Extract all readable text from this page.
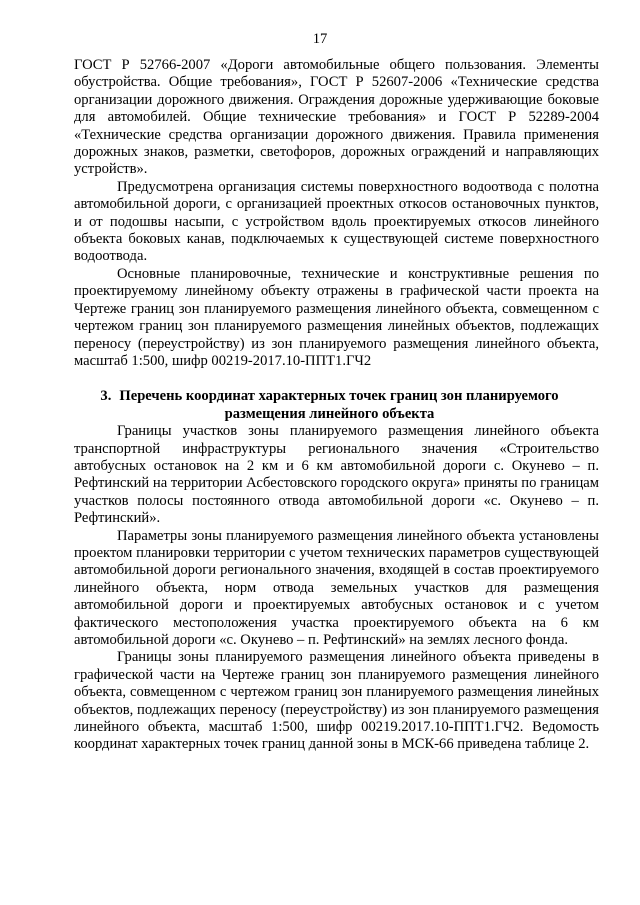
17

ГОСТ Р 52766-2007 «Дороги автомобильные общего пользования. Элементы обустройства. Общие требования», ГОСТ Р 52607-2006 «Технические средства организации дорожного движения. Ограждения дорожные удерживающие боковые для автомобилей. Общие технические требования» и ГОСТ Р 52289-2004 «Технические средства организации дорожного движения. Правила применения дорожных знаков, разметки, светофоров, дорожных ограждений и направляющих устройств».

Предусмотрена организация системы поверхностного водоотвода с полотна автомобильной дороги, с организацией проектных откосов остановочных пунктов, и от подошвы насыпи, с устройством вдоль проектируемых откосов линейного объекта боковых канав, подключаемых к существующей системе поверхностного водоотвода.

Основные планировочные, технические и конструктивные решения по проектируемому линейному объекту отражены в графической части проекта на Чертеже границ зон планируемого размещения линейного объекта, совмещенном с чертежом границ зон планируемого размещения линейных объектов, подлежащих переносу (переустройству) из зон планируемого размещения линейного объекта, масштаб 1:500, шифр 00219-2017.10-ППТ1.ГЧ2

3. Перечень координат характерных точек границ зон планируемого размещения линейного объекта

Границы участков зоны планируемого размещения линейного объекта транспортной инфраструктуры регионального значения «Строительство автобусных остановок на 2 км и 6 км автомобильной дороги с. Окунево – п. Рефтинский на территории Асбестовского городского округа» приняты по границам участков полосы постоянного отвода автомобильной дороги «с. Окунево – п. Рефтинский».

Параметры зоны планируемого размещения линейного объекта установлены проектом планировки территории с учетом технических параметров существующей автомобильной дороги регионального значения, входящей в состав проектируемого линейного объекта, норм отвода земельных участков для размещения автомобильной дороги и проектируемых автобусных остановок и с учетом фактического местоположения участка проектируемого объекта на 6 км автомобильной дороги «с. Окунево – п. Рефтинский» на землях лесного фонда.

Границы зоны планируемого размещения линейного объекта приведены в графической части на Чертеже границ зон планируемого размещения линейного объекта, совмещенном с чертежом границ зон планируемого размещения линейных объектов, подлежащих переносу (переустройству) из зон планируемого размещения линейного объекта, масштаб 1:500, шифр 00219.2017.10-ППТ1.ГЧ2. Ведомость координат характерных точек границ данной зоны в МСК-66 приведена таблице 2.
